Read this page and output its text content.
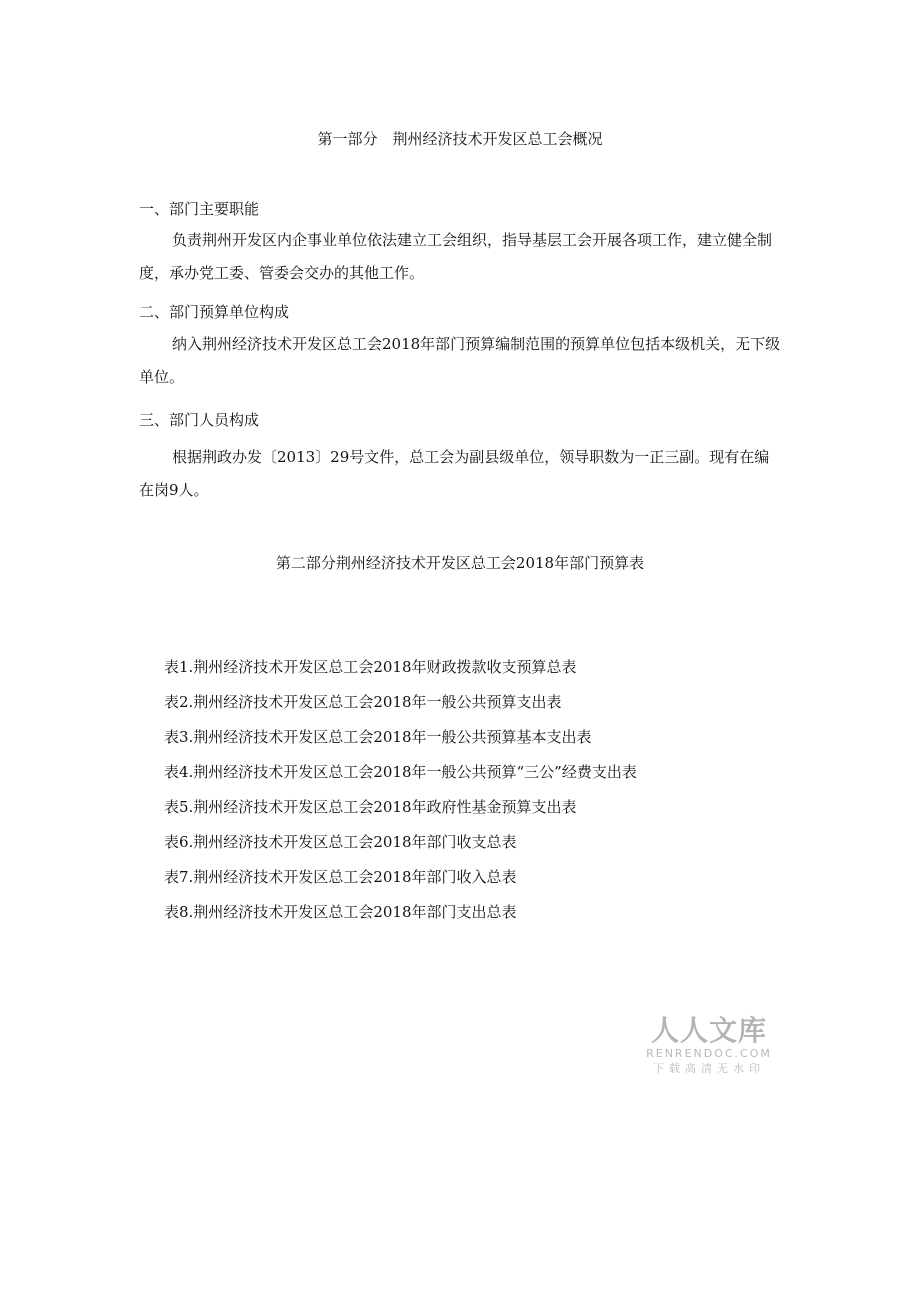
第一部分　荆州经济技术开发区总工会概况
一、部门主要职能
负责荆州开发区内企事业单位依法建立工会组织，指导基层工会开展各项工作，建立健全制度，承办党工委、管委会交办的其他工作。
二、部门预算单位构成
纳入荆州经济技术开发区总工会2018年部门预算编制范围的预算单位包括本级机关，无下级单位。
三、部门人员构成
根据荆政办发〔2013〕29号文件，总工会为副县级单位，领导职数为一正三副。现有在编在岗9人。
第二部分荆州经济技术开发区总工会2018年部门预算表
表1.荆州经济技术开发区总工会2018年财政拨款收支预算总表
表2.荆州经济技术开发区总工会2018年一般公共预算支出表
表3.荆州经济技术开发区总工会2018年一般公共预算基本支出表
表4.荆州经济技术开发区总工会2018年一般公共预算“三公”经费支出表
表5.荆州经济技术开发区总工会2018年政府性基金预算支出表
表6.荆州经济技术开发区总工会2018年部门收支总表
表7.荆州经济技术开发区总工会2018年部门收入总表
表8.荆州经济技术开发区总工会2018年部门支出总表
人人文库
RENRENDOC.COM
下载高清无水印
